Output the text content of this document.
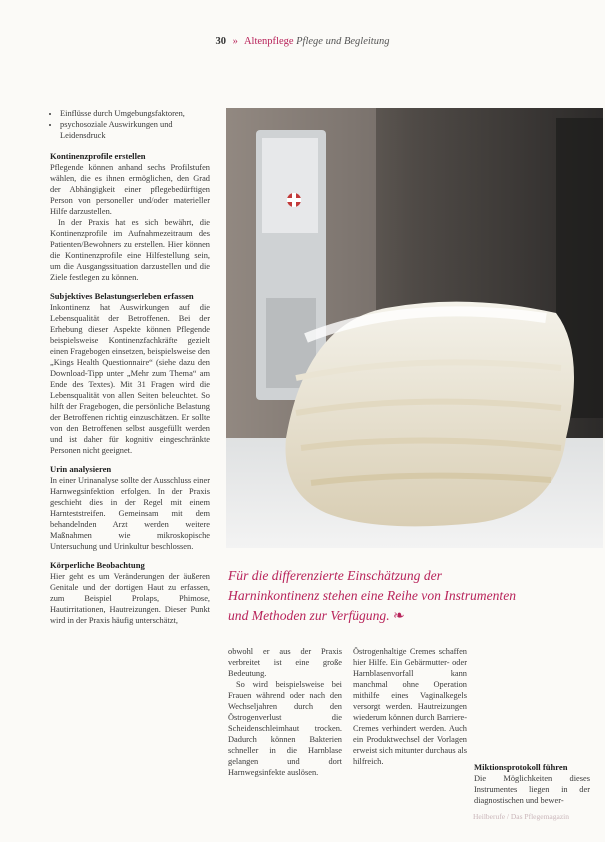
30 » Altenpflege Pflege und Begleitung
• Einflüsse durch Umgebungsfaktoren,
• psychosoziale Auswirkungen und Leidensdruck
Kontinenzprofile erstellen

Pflegende können anhand sechs Profilstufen wählen, die es ihnen ermöglichen, den Grad der Abhängigkeit einer pflegebedürftigen Person von personeller und/oder materieller Hilfe darzustellen.

In der Praxis hat es sich bewährt, die Kontinenzprofile im Aufnahmezeitraum des Patienten/Bewohners zu erstellen. Hier können die Kontinenzprofile eine Hilfestellung sein, um die Ausgangssituation darzustellen und die Ziele festlegen zu können.

Subjektives Belastungserleben erfassen

Inkontinenz hat Auswirkungen auf die Lebensqualität der Betroffenen. Bei der Erhebung dieser Aspekte können Pflegende beispielsweise Kontinenzfachkräfte gezielt einen Fragebogen einsetzen, beispielsweise den „Kings Health Questionnaire“ (siehe dazu den Download-Tipp unter „Mehr zum Thema“ am Ende des Textes). Mit 31 Fragen wird die Lebensqualität von allen Seiten beleuchtet. So hilft der Fragebogen, die persönliche Belastung der Betroffenen richtig einzuschätzen. Er sollte von den Betroffenen selbst ausgefüllt werden und ist daher für kognitiv eingeschränkte Personen nicht geeignet.

Urin analysieren

In einer Urinanalyse sollte der Ausschluss einer Harnwegsinfektion erfolgen. In der Praxis geschieht dies in der Regel mit einem Harnteststreifen. Gemeinsam mit dem behandelnden Arzt werden weitere Maßnahmen wie mikroskopische Untersuchung und Urinkultur beschlossen.

Körperliche Beobachtung

Hier geht es um Veränderungen der äußeren Genitale und der dortigen Haut zu erfassen, zum Beispiel Prolaps, Phimose, Hautirritationen, Hautreizungen. Dieser Punkt wird in der Praxis häufig unterschätzt,

Für die differenzierte Einschätzung der Harninkontinenz stehen eine Reihe von Instrumenten und Methoden zur Verfügung. ❧

obwohl er aus der Praxis verbreitet ist eine große Bedeutung.

So wird beispielsweise bei Frauen während oder nach den Wechseljahren durch den Östrogenverlust die Scheidenschleimhaut trocken. Dadurch können Bakterien schneller in die Harnblase gelangen und dort Harnwegsinfekte auslösen.

Östrogenhaltige Cremes schaffen hier Hilfe. Ein Gebärmutter- oder Harnblasenvorfall kann manchmal ohne Operation mithilfe eines Vaginalkegels versorgt werden. Hautreizungen wiederum können durch Barriere-Cremes verhindert werden. Auch ein Produktwechsel der Vorlagen erweist sich mitunter durchaus als hilfreich.

Miktionsprotokoll führen

Die Möglichkeiten dieses Instrumentes liegen in der diagnostischen und bewer-

Heilberufe / Das Pflegemagazin
